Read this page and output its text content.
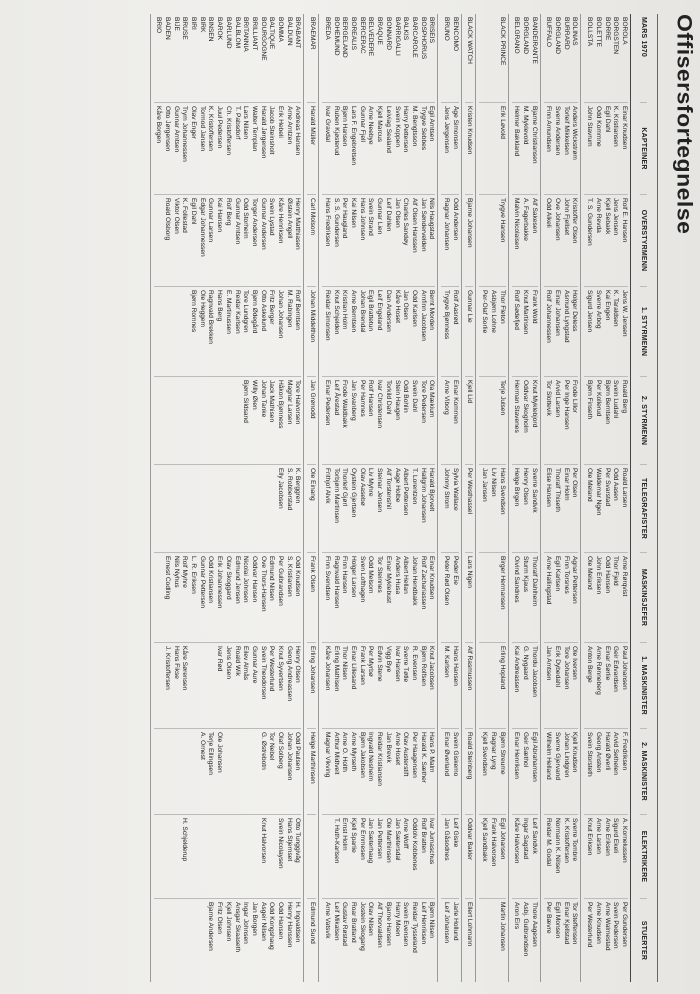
Offisersfortegnelse
MARS 1970
KAPTEINER
OVERSTYRMENN
1. STYRMENN
2. STYRMENN
TELEGRAFISTER
MASKINSJEFER
1. MASKINISTER
2. MASKINISTER
ELEKTRIKERE
STUERTER
BOROLA
BORGSTEN
BORRE
BOLETTE
BOLLSTA
Einar Knudsen
K. Kristiansen
Egil Dahl
Odd Kommne
John Stavrum
Rolf E. Hansen
Jens Jensen
Kjell Sebakk
Arne Revda
T. S. Gundersen
Jens W. Jensen
K. Taraldsen
Kai Engen
Sverre Arbog
Sigurd Jensen
Roald Berg
Svein Ludahl
Bjørn Berntsen
Per Kollerud
Bjørn Finseth
Roald Larsen
Odd Aasen
Per Svarstad
Waldemar Ngen
Ole Meland
Arne Rørqvist
Thor Fjeld
Odd Hansen
John Eriksen
Ole Meland
Paul Johansen
Geir Edvardsen
Einar Sørlie
Arne Rønneberg
Anton Berge
F. Fredriksen
Arvid Sethelen
Harald Øverli
Georg Ansten
Svein Storsteth
A. Kornelussen
Sigurd Ekeli
Arne Eriksen
Arne Larsen
Knut Eriksen
Per Gundersen
Svein Pedersen
Arne Walmestad
Arne Knudsen
Per Westerlund
BOLINAS
BURRARD
BORGLAND
BUFFALO
Anders Wickstrøm
Torleif Mikkelsen
Sverre Andersen
Finn Amundsen
Kristoffer Olsen
John Fjellset
Ove Johansen
Odd Alkeli
Holger Deless
Asmund Lyngstad
Einar Johansen
Rolf Johannessen
Frode Lillor
Per Inge Hansen
Arvid Larsen
Tor Slottevik
Per Olsen
Einar Holm
Thoralf Thiseth
Elise Hansen
Agnar Pettersen
Finn Torsnes
Egil Karlsen
Arne Hallingstad
Ole Iversen
Tore Johansen
Erik Dybedahl
Jan Amtsen
Kjell Knudsen
Johan Lindgren
Sverre Gjervand
Wilhelm Helland
Sverre Tombre
K. Kristoffersen
Normann K. Nilsen
Reidar M. Godal
Tor Steffensen
Einar Kjellstad
Egil Monsen
Per Bævre
BANDEIRANTE
BORGLAND
BELGRANO
Bjarne Christiansen
M. Myklevold
Helmer Bakkland
Alf Sakesen
A. Fagerbakke
Malvin Nicolaisen
Frank Wold
Knut Martinsen
Rolf Sødefjed
Knut Myklebjord
Oddvar Skogholm
Herman Stavenes
Sverre Sandvik
Henry Olsen
Helge Birgen
Thoralf Dahlheim
Sturm Kjaus
Oivind Sandnes
Thordu Jacobsen
G. Nygaard
Kai Andreassen
Egil Abrahamsen
Geir Sæthol
Einar Henriksen
Leif Sandvik
Ingar Sagstad
Kåre Halvorsen
Thore Aagesen
Asbj. Gulbrandsen
Aron Eirs
BLACK PRINCE
Erik Løvold
Trygve Hansen
Thor Fleton
Asbjørn Lohne
Per-Olaf Sorlie
Terje Julsen
Hans Svendsen
Liv Nilsen
Jan Jansen
Birger Hermansen
Erling Hopland
Bjørn Streume
Ragnar Lyng
Kjell Svendsen
Egil Johansen
Frank Halvorsen
Kjell Sandbakk
Martin Johansen
BLACK WATCH
Kristen Knudsen
Bjarne Johansen
Gunnar Lie
Kjell Lid
Per Westhassel
Lars Nigen
Alf Rasmussen
Roald Steinberg
Oddvar Bakler
Ellert Lohmann
BENCOMO
BRUNO
Åge Simonsen
Jens Jørgensen
Odd Andersen
Ragnar Johansen
Rolf Aasrød
Trygve Bjønness
Einar Kommen
Arne Viborg
Sylvia Wallace
Johnny Strom
Peder Eie
Peter Rød Olsen
Hans Hansen
M. Karlsen
Svein Giskemo
Einar Øverland
Leif Giske
Jan Gåsodnes
Jarle Hollund
Leif Johansen
BRISEIS
BOSPHORUS
BARCAROLE
BALKIS
BARRIGALLI
BONNARD
BRAQUE
BELVEDERE
BERCERAC
BOREALIS
BERGELAND
BOHEMUND
BREDA
Egil Arntsen
Trygve Sebbes
M. Bengtsson
Harry Pettersen
Svein Koppen
Leiviag Sealand
Kjell Marcus
Arne Neebye
Gunnar Fjell
Lars F. Engebretsen
Bjørn Hansen
Ruben Kjøsterud
Ivar Gravdal
Nils Haugstad
Jan Søndervelden
Alf Olsen Hanssen
Charles Sandøy
Jan Olsen
Leif Dahlen
Gunnar Lien
Svein Strand
Hans Johnsen
Kai Nilsen
Per Haugland
S. S. Gundersen
Hans Fredriksen
Bernt Morden
Arnfinn Jacobsen
Odd Karlsen
Jan Olsen
Kåre Hoset
Dan Andersen
Leif Engeland
Eigil Brattetun
Johan Brendal
Arne Berntsen
Kristian Holm
Knut Schjelden
Reidar Simonsen
Ola Mækium
Tore Pedersen
Svein Dahl
Odd Bohlin
Stein Haugen
Torkild Dahl
Ivar Christensen
Rolf Hansen
Per Hamnes
Jan Svanberg
Frode Waldbakk
Leif Årestad
Einar Pedersen
Harald Bjorvelt
Hallgrim Johansen
T. Lorentzen
Albert Pettersen
Aage Holbe
Alf Torstenshil
Steinar Jensen
Liv Myhre
Olav Aasebø
Oystein Gjertsen
Thorleif Gjørl
Torbjørn Martinsen
Frithjof Alvik
Einar Knudsen
Rolf Zachariassen
Johan Hendbakk
Albert Hellan
Anders Husa
Einar Myklebust
Tor Steinnes
Odd Melsom
Sven Lofthagen
Holger Larsen
Finn Hansen
Ragnvald Hansen
Finn Svendsen
Knut Jacobsen
Bjørn Rolfsen
R. Evensen
Sverre Tøtle
Ivar Hansen
Vigg Bye
Edvin Stene
Per Myrbø
Frank Larsen
Einar Lillesand
Thor Nilsen
Erling Mathisen
Kåre Johansen
Hans P. Malm
Harald K. Sæther
Per Haagensen
Olav Austerstift
Arne Hoset
Jan Brevik
Reidar Kristiansen
Ingvald Nesheim
Bjørn Jakobsen
Arne Myrseth
Arne O. Holth
Arthur Midtveit
Magnar Vikving
Ivar Jumaschus
Rolf Bratten
Oddolv Kobbenes
Arne Wolff
Jan Sætersdal
Ole Marthinsen
Jan Pettersen
Jan Sæterhaug
Per Emmesen
Kjell Sparlie
Ernst Holm
T. Huth-Karlsen

Bjørn Nilsen
Leif Henriksen
Reidar Tysseland
Svein Evensen
Harry Moen
Bjarne Hansen
Alf Thorvaldsen
Olav Nilsen
Jostein Skogang
Roar Bratland
Gustav Røstad
Leif Mikalsen
Arne Vatsvik
BRAEMAR
Harald Müller
Carl Molsom
Johan Middelthon
Jan Grønodd
Ole Einang
Frank Olsen
Erling Johansen
Helge Marthinsen

Edmund Sund
BRABANT
BALDUIN
BOMMA
BALTIQUE
BOURGOGNE
BRILLIANT
BRITANNIA
BALBLOM
BARLUND
BAROK
BINSEN
BIRK
BIRI
BRUSE
BIJE
BADEN
BRIO
Andreas Hansen
Arne Arntzen
Erik Hebeli
Jacob Steinsholt
Harald Jørgensen
Walter Templan
Lars Nilsen
T. Pabsdorf
Ch. Kristoffersen
Juul Pedersen
K. Kristoffersen
Tormod Jansen
Olav Enger
Trym Johannessen
Gunnar Arntsen
Otto Jørgensen
Kåre Borgen
Henry Matthiasen
Øistein Angell
Kåre Henriksen
Svein Lystad
Gunnar Andersen
Torger Andersen
Odd Storheim
Gunnar Arntsen
Rolf Berg
Kai Hansen
Gunnar Larsen
Edgar Johannessen
Egil Dahl
K. Follestad
Viktor Olsen
Roald Olsborg

Rolf Berntsen
M. Rabingen
Johan Johansen
Fritz Berger
Otto Askelund
Bjørn Ødegård
Tore Lundgren
Reidar Karlsen
E. Martinussen
Hans Berg
Ragnvald Brekken
Ole Heggem
Bjørn Romnes

Tore Halvorsen
Magnar Larsen
Håkon Bjønness
Jack Mathisen
Johan Tanke
Willy Øien
Bjørn Sildsand

K. Berggren
S. Robberstad
Elly Jacobsen

Odd Knudsen
S. Kristiansen
Per Gulbrandsen
Edmund Nilsen
Ove Thors-Hansen
Oddvar Hansen
Nicolai Johnsen
Edmund Jensen
Olav Skoggard
Erik Johannessen
Odd Kristiansen
Gunnar Pettersen
L. R. Eriksen
Rolf Myhre
Nils Nyhus
Ernest Codling

Henry Olsen
Georg Andreassen
Knut Syvertsen
Per Westerlund
Svein Theodorsen
Gunnar Aure
Eilev Almås
Roald Wik
Jens Olsen
Ivar Rød

Kåre Sørensen
Hans Fikse
J. Kristoffersen

Odd Paulsen
Johan Johansen
Olaf Solberg
Tor Nebel
G. Østrebotn

Ole Johansen
Terje Ellingsen
A. Ornest

Otto Tunggivåg
Hans Stjernset
Svein Nicolaysen

Knut Halvorsen

H. Schjelderup

H. Ingvaldsen
Henry Hanssen
Odd Hansen
Odd Kongshaug
Asgeir Nilsen
Jan Borgen
Ingar Johnsen
Ansgar Skaaseth
Kjell Johnsen
Fritz Olsen
Bjarne Andersen
